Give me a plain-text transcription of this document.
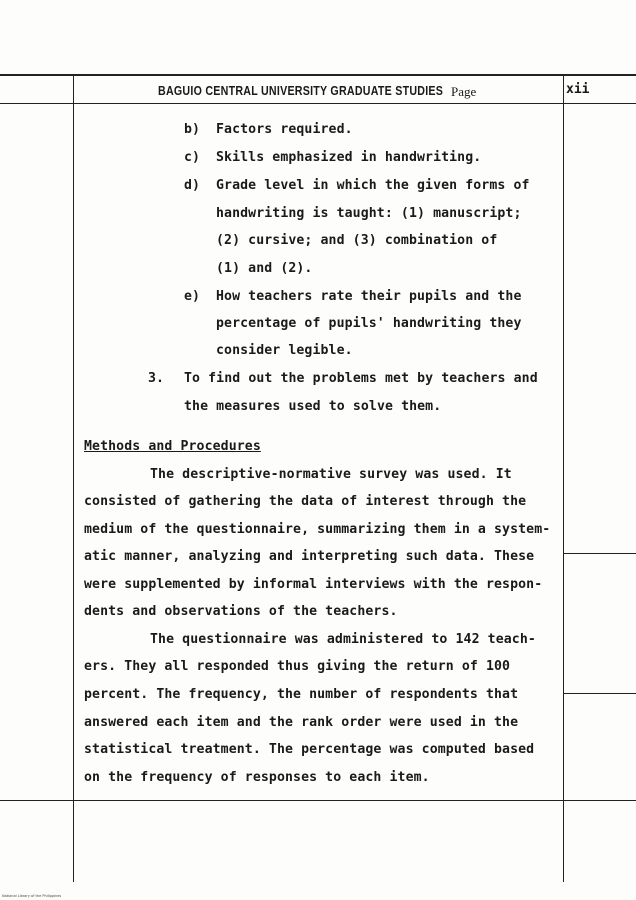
BAGUIO CENTRAL UNIVERSITY GRADUATE STUDIES Page	xii
b) Factors required.
c) Skills emphasized in handwriting.
d) Grade level in which the given forms of
handwriting is taught: (1) manuscript;
(2) cursive; and (3) combination of
(1) and (2).
e) How teachers rate their pupils and the
percentage of pupils' handwriting they
consider legible.
3. To find out the problems met by teachers and
the measures used to solve them.
Methods and Procedures
The descriptive-normative survey was used. It
consisted of gathering the data of interest through the
medium of the questionnaire, summarizing them in a system-
atic manner, analyzing and interpreting such data. These
were supplemented by informal interviews with the respon-
dents and observations of the teachers.
The questionnaire was administered to 142 teach-
ers. They all responded thus giving the return of 100
percent. The frequency, the number of respondents that
answered each item and the rank order were used in the
statistical treatment. The percentage was computed based
on the frequency of responses to each item.
National Library of the Philippines
